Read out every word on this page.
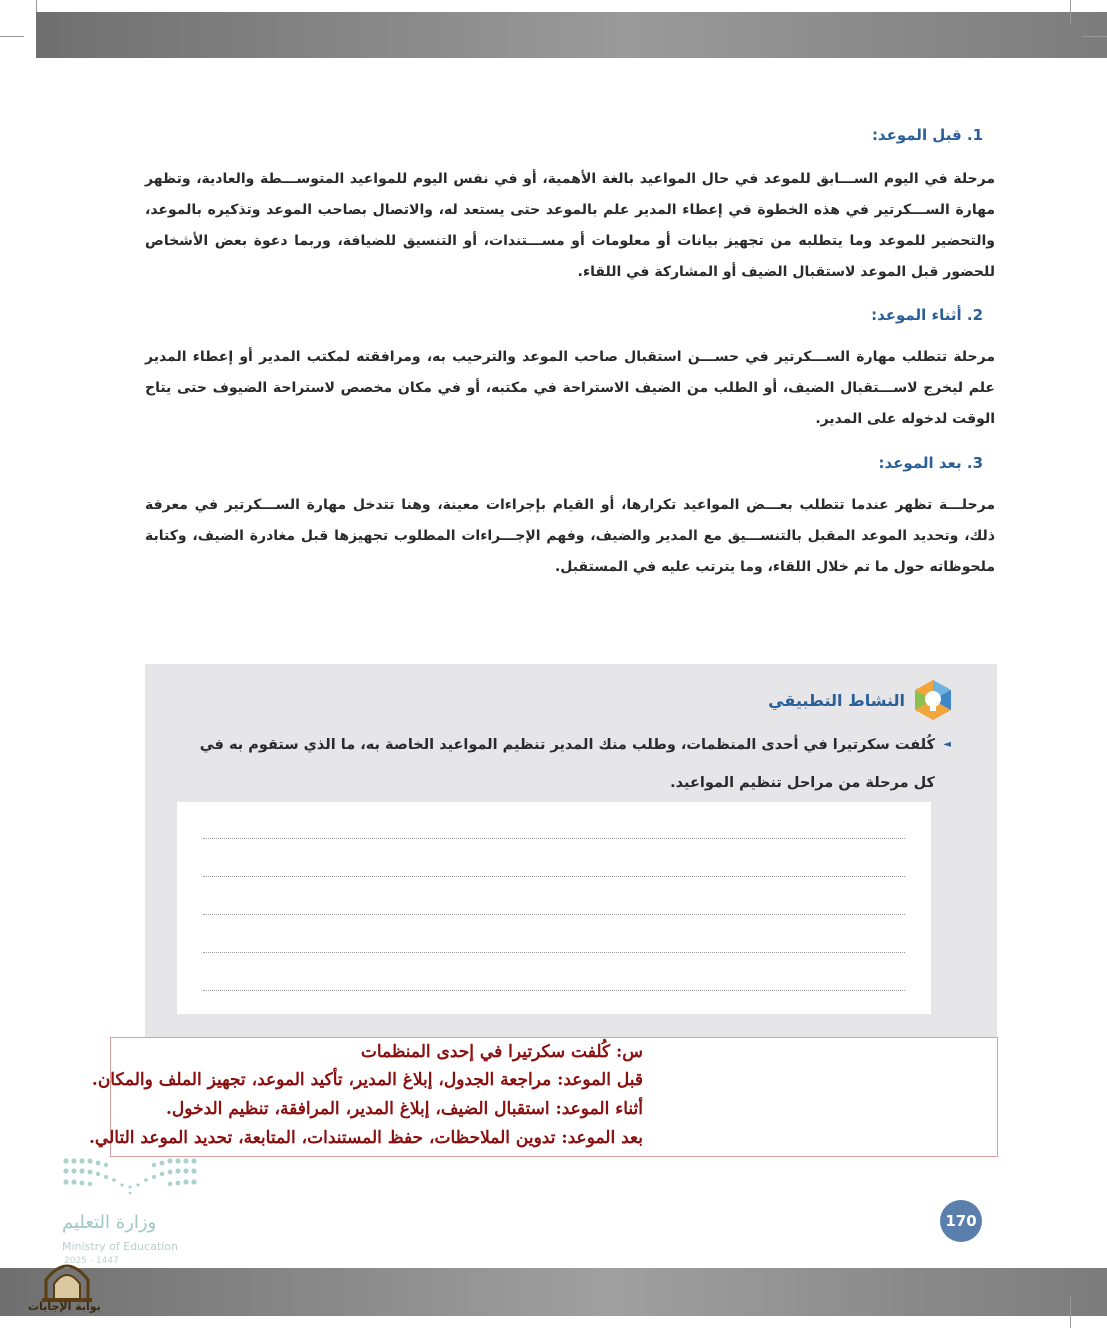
1. قبل الموعد:

مرحلة في اليوم الســـابق للموعد في حال المواعيد بالغة الأهمية، أو في نفس اليوم للمواعيد المتوســـطة والعادية، وتظهر مهارة الســـكرتير في هذه الخطوة في إعطاء المدير علم بالموعد حتى يستعد له، والاتصال بصاحب الموعد وتذكيره بالموعد، والتحضير للموعد وما يتطلبه من تجهيز بيانات أو معلومات أو مســـتندات، أو التنسيق للضيافة، وربما دعوة بعض الأشخاص للحضور قبل الموعد لاستقبال الضيف أو المشاركة في اللقاء.

2. أثناء الموعد:

مرحلة تتطلب مهارة الســـكرتير في حســـن استقبال صاحب الموعد والترحيب به، ومرافقته لمكتب المدير أو إعطاء المدير علم ليخرج لاســـتقبال الضيف، أو الطلب من الضيف الاستراحة في مكتبه، أو في مكان مخصص لاستراحة الضيوف حتى يتاح الوقت لدخوله على المدير.

3. بعد الموعد:

مرحلـــة تظهر عندما تتطلب بعـــض المواعيد تكرارها، أو القيام بإجراءات معينة، وهنا تتدخل مهارة الســـكرتير في معرفة ذلك، وتحديد الموعد المقبل بالتنســـيق مع المدير والضيف، وفهم الإجـــراءات المطلوب تجهيزها قبل مغادرة الضيف، وكتابة ملحوظاته حول ما تم خلال اللقاء، وما يترتب عليه في المستقبل.

النشاط التطبيقي
◄
كُلفت سكرتيرا في أحدى المنظمات، وطلب منك المدير تنظيم المواعيد الخاصة به، ما الذي ستقوم به في كل مرحلة من مراحل تنظيم المواعيد.
س: كُلفت سكرتيرا في إحدى المنظمات
قبل الموعد: مراجعة الجدول، إبلاغ المدير، تأكيد الموعد، تجهيز الملف والمكان.
أثناء الموعد: استقبال الضيف، إبلاغ المدير، المرافقة، تنظيم الدخول.
بعد الموعد: تدوين الملاحظات، حفظ المستندات، المتابعة، تحديد الموعد التالي.
وزارة التعليم
Ministry of Education
2025 - 1447
170
بوابة الإجابات
